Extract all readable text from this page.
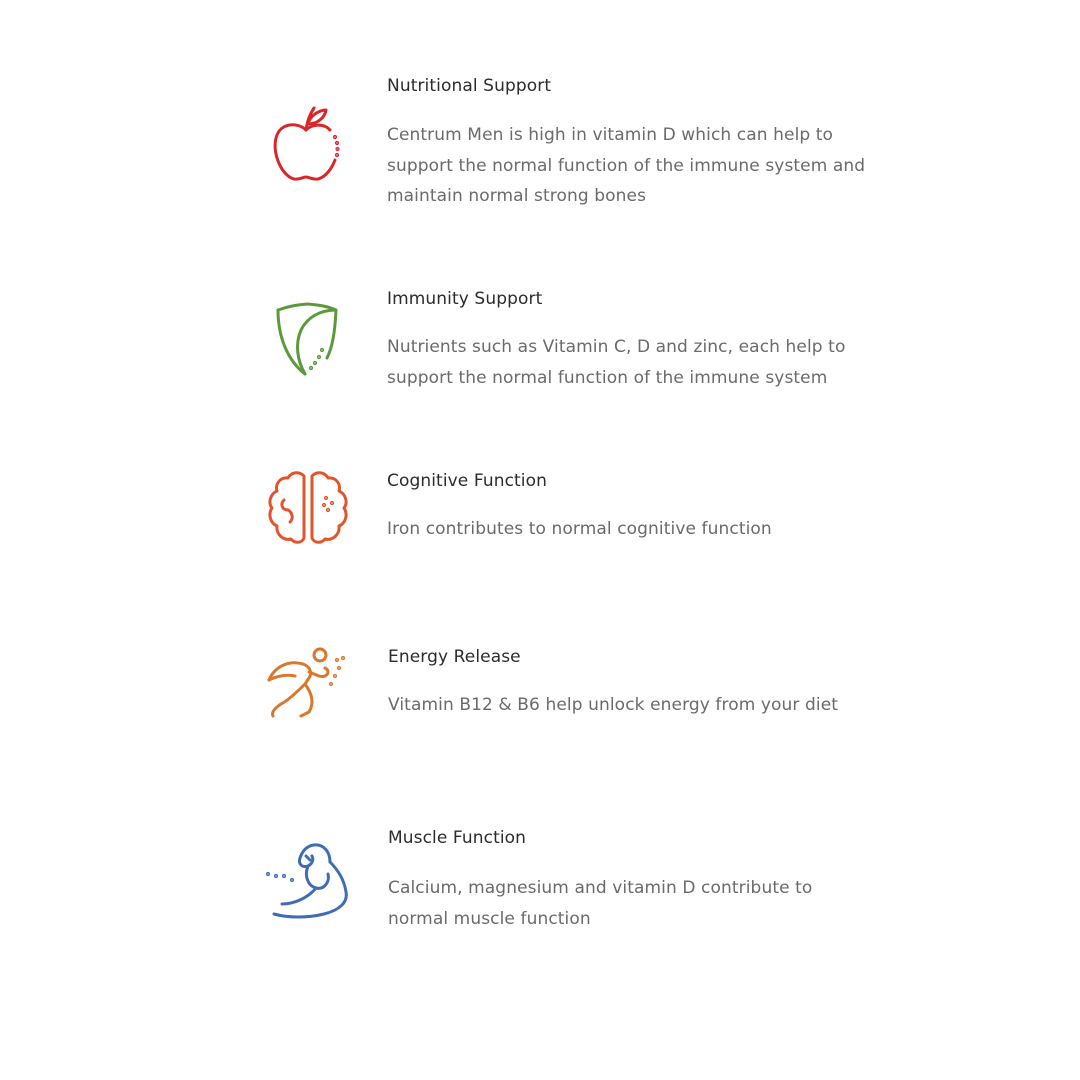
Nutritional Support

Centrum Men is high in vitamin D which can help to support the normal function of the immune system and maintain normal strong bones

Immunity Support

Nutrients such as Vitamin C, D and zinc, each help to support the normal function of the immune system

Cognitive Function

Iron contributes to normal cognitive function

Energy Release

Vitamin B12 & B6 help unlock energy from your diet

Muscle Function

Calcium, magnesium and vitamin D contribute to normal muscle function
